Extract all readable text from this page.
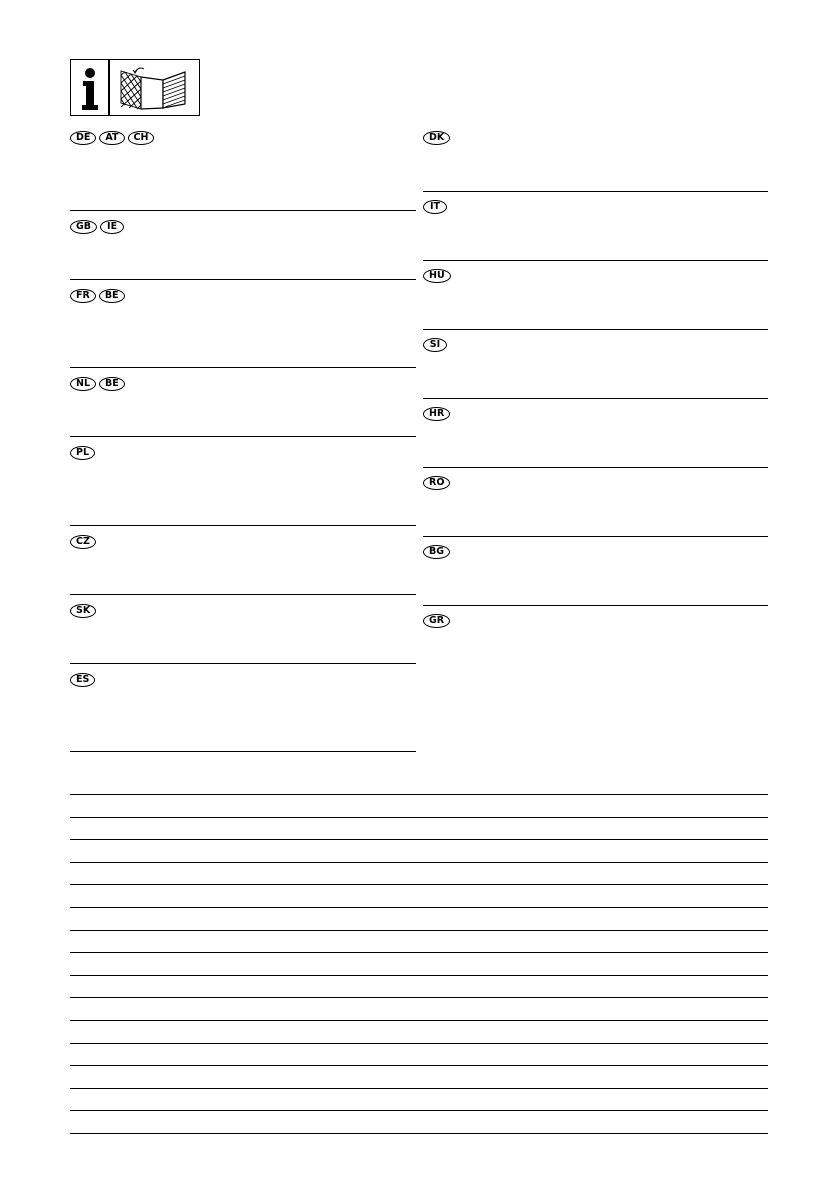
DE	AT	CH
GB	IE
FR	BE
NL	BE
PL
CZ
SK
ES
DK
IT
HU
SI
HR
RO
BG
GR
